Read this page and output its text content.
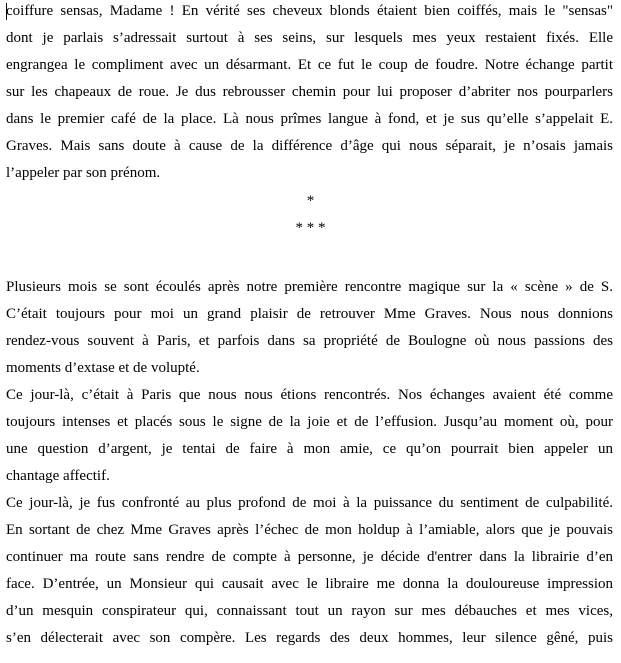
coiffure sensas, Madame ! En vérité ses cheveux blonds étaient bien coiffés, mais le "sensas"
dont je parlais s’adressait surtout à ses seins, sur lesquels mes yeux restaient fixés. Elle
engrangea le compliment avec un désarmant. Et ce fut le coup de foudre. Notre échange partit
sur les chapeaux de roue. Je dus rebrousser chemin pour lui proposer d’abriter nos pourparlers
dans le premier café de la place. Là nous prîmes langue à fond, et je sus qu’elle s’appelait E.
Graves. Mais sans doute à cause de la différence d’âge qui nous séparait, je n’osais jamais
l’appeler par son prénom.
*
* * *
Plusieurs mois se sont écoulés après notre première rencontre magique sur la « scène » de S.
C’était toujours pour moi un grand plaisir de retrouver Mme Graves. Nous nous donnions
rendez-vous souvent à Paris, et parfois dans sa propriété de Boulogne où nous passions des
moments d’extase et de volupté.
Ce jour-là, c’était à Paris que nous nous étions rencontrés. Nos échanges avaient été comme
toujours intenses et placés sous le signe de la joie et de l’effusion. Jusqu’au moment où, pour
une question d’argent, je tentai de faire à mon amie, ce qu’on pourrait bien appeler un
chantage affectif.
Ce jour-là, je fus confronté au plus profond de moi à la puissance du sentiment de culpabilité.
En sortant de chez Mme Graves après l’échec de mon holdup à l’amiable, alors que je pouvais
continuer ma route sans rendre de compte à personne, je décide d'entrer dans la librairie d’en
face. D’entrée, un Monsieur qui causait avec le libraire me donna la douloureuse impression
d’un mesquin conspirateur qui, connaissant tout un rayon sur mes débauches et mes vices,
s’en délecterait avec son compère. Les regards des deux hommes, leur silence gêné, puis
